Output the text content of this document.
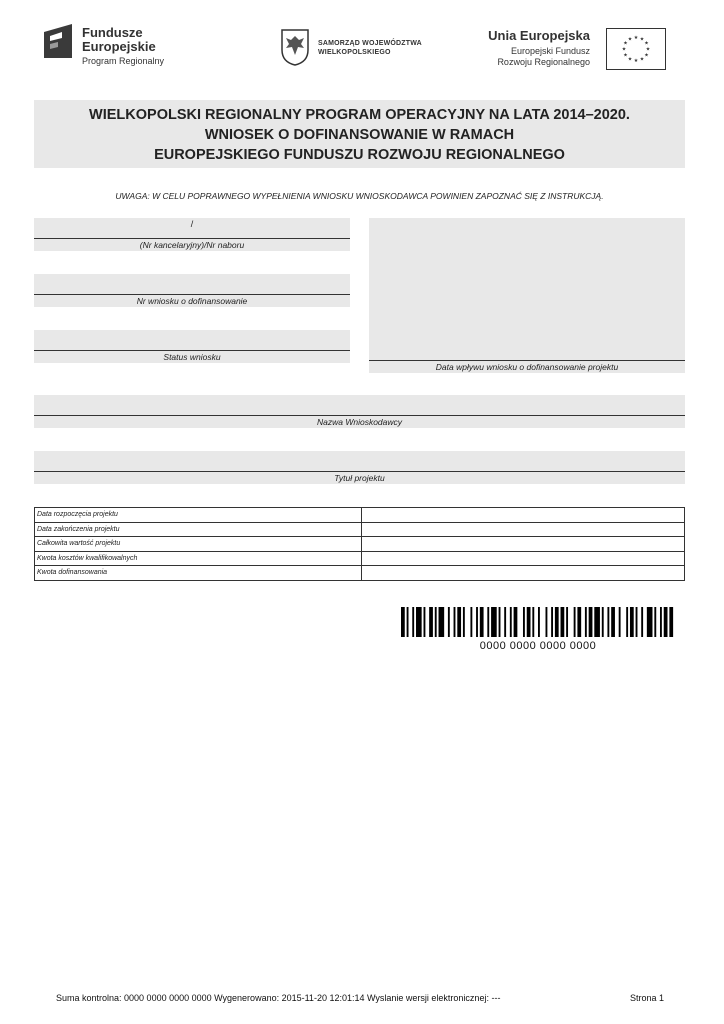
Fundusze
Europejskie
Program Regionalny
SAMORZĄD WOJEWÓDZTWA
WIELKOPOLSKIEGO
Unia Europejska
Europejski Fundusz
Rozwoju Regionalnego
★ ★
★
★
★
★
★
★
★
★
★
★
WIELKOPOLSKI REGIONALNY PROGRAM OPERACYJNY NA LATA 2014–2020.
WNIOSEK O DOFINANSOWANIE W RAMACH
EUROPEJSKIEGO FUNDUSZU ROZWOJU REGIONALNEGO
UWAGA: W CELU POPRAWNEGO WYPEŁNIENIA WNIOSKU WNIOSKODAWCA POWINIEN ZAPOZNAĆ SIĘ Z INSTRUKCJĄ.
/
(Nr kancelaryjny)/Nr naboru
Nr wniosku o dofinansowanie
Status wniosku
Data wpływu wniosku o dofinansowanie projektu
Nazwa Wnioskodawcy
Tytuł projektu
Data rozpoczęcia projektu	
Data zakończenia projektu	
Całkowita wartość projektu	
Kwota kosztów kwalifikowalnych	
Kwota dofinansowania	
0000 0000 0000 0000
Suma kontrolna: 0000 0000 0000 0000 Wygenerowano: 2015-11-20 12:01:14 Wyslanie wersji elektronicznej: ---	Strona 1
